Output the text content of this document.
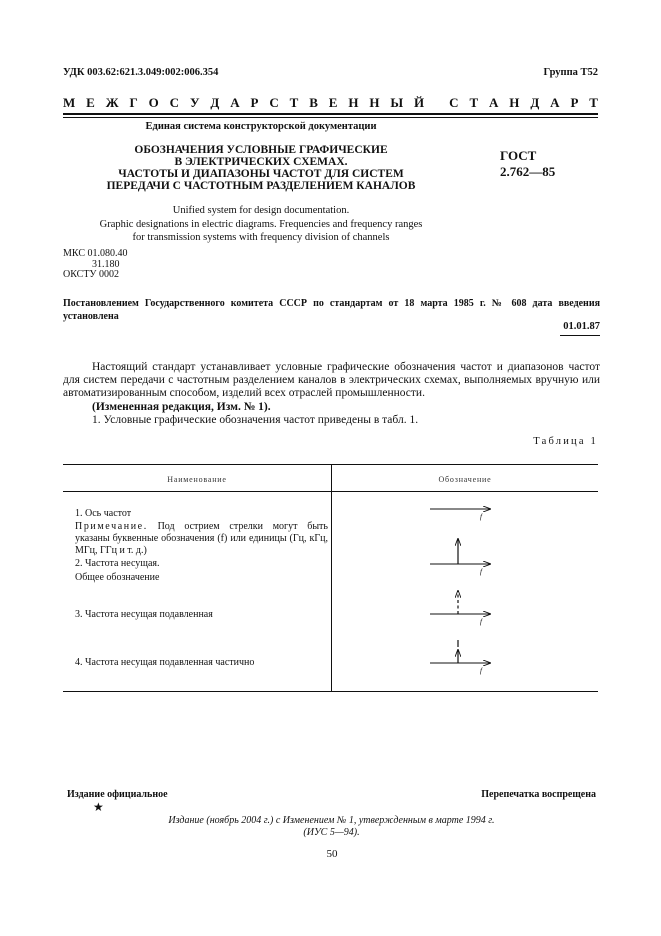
УДК 003.62:621.3.049:002:006.354	Группа Т52
М Е Ж Г О С У Д А Р С Т В Е Н Н Ы Й
С Т А Н Д А Р Т
Единая система конструкторской документации
ОБОЗНАЧЕНИЯ УСЛОВНЫЕ ГРАФИЧЕСКИЕ
В ЭЛЕКТРИЧЕСКИХ СХЕМАХ.
ЧАСТОТЫ И ДИАПАЗОНЫ ЧАСТОТ ДЛЯ СИСТЕМ
ПЕРЕДАЧИ С ЧАСТОТНЫМ РАЗДЕЛЕНИЕМ КАНАЛОВ
ГОСТ
2.762—85
Unified system for design documentation.
Graphic designations in electric diagrams. Frequencies and frequency ranges
for transmission systems with frequency division of channels
МКС 01.080.40
31.180
ОКСТУ 0002
Постановлением Государственного комитета СССР по стандартам от 18 марта 1985 г. № 608 дата введения установлена
01.01.87

Настоящий стандарт устанавливает условные графические обозначения частот и диапазонов частот для систем передачи с частотным разделением каналов в электрических схемах, выполняемых вручную или автоматизированным способом, изделий всех отраслей промышленности.

(Измененная редакция, Изм. № 1).

1. Условные графические обозначения частот приведены в табл. 1.

Таблица 1
Наименование	Обозначение
1. Ось частот
Примечание. Под острием стрелки могут быть указаны буквенные обозначения (f) или единицы (Гц, кГц, МГц, ГГц и т. д.)
2. Частота несущая.
Общее обозначение
3. Частота несущая подавленная
4. Частота несущая подавленная частично
f
f
f
f
Издание официальное
★
Перепечатка воспрещена
Издание (ноябрь 2004 г.) с Изменением № 1, утвержденным в марте 1994 г.
(ИУС 5—94).
50
